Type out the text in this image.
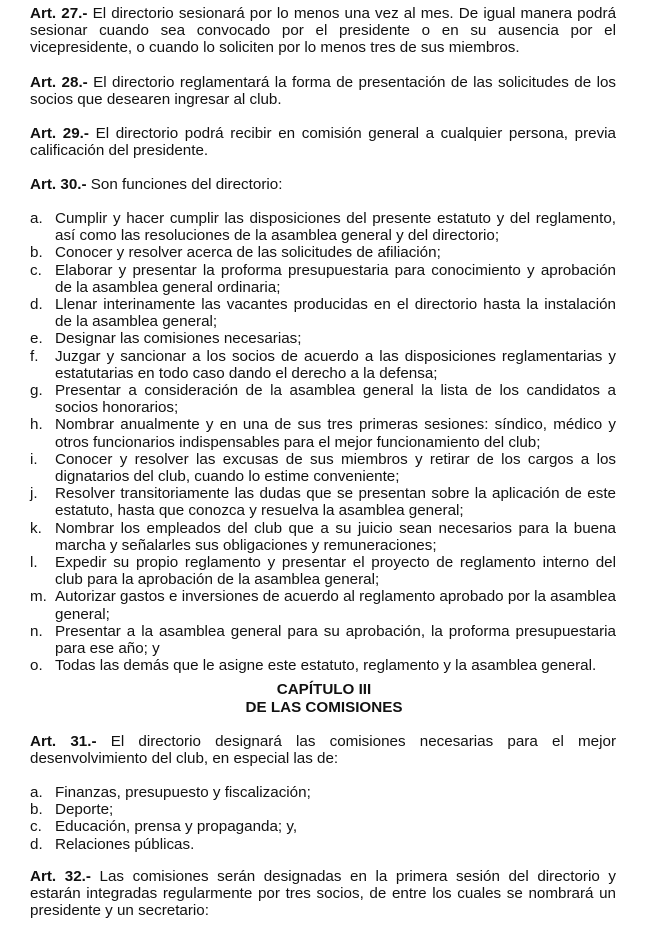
Art. 27.- El directorio sesionará por lo menos una vez al mes. De igual manera podrá sesionar cuando sea convocado por el presidente o en su ausencia por el vicepresidente, o cuando lo soliciten por lo menos tres de sus miembros.

Art. 28.- El directorio reglamentará la forma de presentación de las solicitudes de los socios que desearen ingresar al club.

Art. 29.- El directorio podrá recibir en comisión general a cualquier persona, previa calificación del presidente.

Art. 30.- Son funciones del directorio:

a. Cumplir y hacer cumplir las disposiciones del presente estatuto y del reglamento, así como las resoluciones de la asamblea general y del directorio;
b. Conocer y resolver acerca de las solicitudes de afiliación;
c. Elaborar y presentar la proforma presupuestaria para conocimiento y aprobación de la asamblea general ordinaria;
d. Llenar interinamente las vacantes producidas en el directorio hasta la instalación de la asamblea general;
e. Designar las comisiones necesarias;
f. Juzgar y sancionar a los socios de acuerdo a las disposiciones reglamentarias y estatutarias en todo caso dando el derecho a la defensa;
g. Presentar a consideración de la asamblea general la lista de los candidatos a socios honorarios;
h. Nombrar anualmente y en una de sus tres primeras sesiones: síndico, médico y otros funcionarios indispensables para el mejor funcionamiento del club;
i. Conocer y resolver las excusas de sus miembros y retirar de los cargos a los dignatarios del club, cuando lo estime conveniente;
j. Resolver transitoriamente las dudas que se presentan sobre la aplicación de este estatuto, hasta que conozca y resuelva la asamblea general;
k. Nombrar los empleados del club que a su juicio sean necesarios para la buena marcha y señalarles sus obligaciones y remuneraciones;
l. Expedir su propio reglamento y presentar el proyecto de reglamento interno del club para la aprobación de la asamblea general;
m. Autorizar gastos e inversiones de acuerdo al reglamento aprobado por la asamblea general;
n. Presentar a la asamblea general para su aprobación, la proforma presupuestaria para ese año; y
o. Todas las demás que le asigne este estatuto, reglamento y la asamblea general.
CAPÍTULO III
DE LAS COMISIONES

Art. 31.- El directorio designará las comisiones necesarias para el mejor desenvolvimiento del club, en especial las de:

a. Finanzas, presupuesto y fiscalización;
b. Deporte;
c. Educación, prensa y propaganda; y,
d. Relaciones públicas.

Art. 32.- Las comisiones serán designadas en la primera sesión del directorio y estarán integradas regularmente por tres socios, de entre los cuales se nombrará un presidente y un secretario:
